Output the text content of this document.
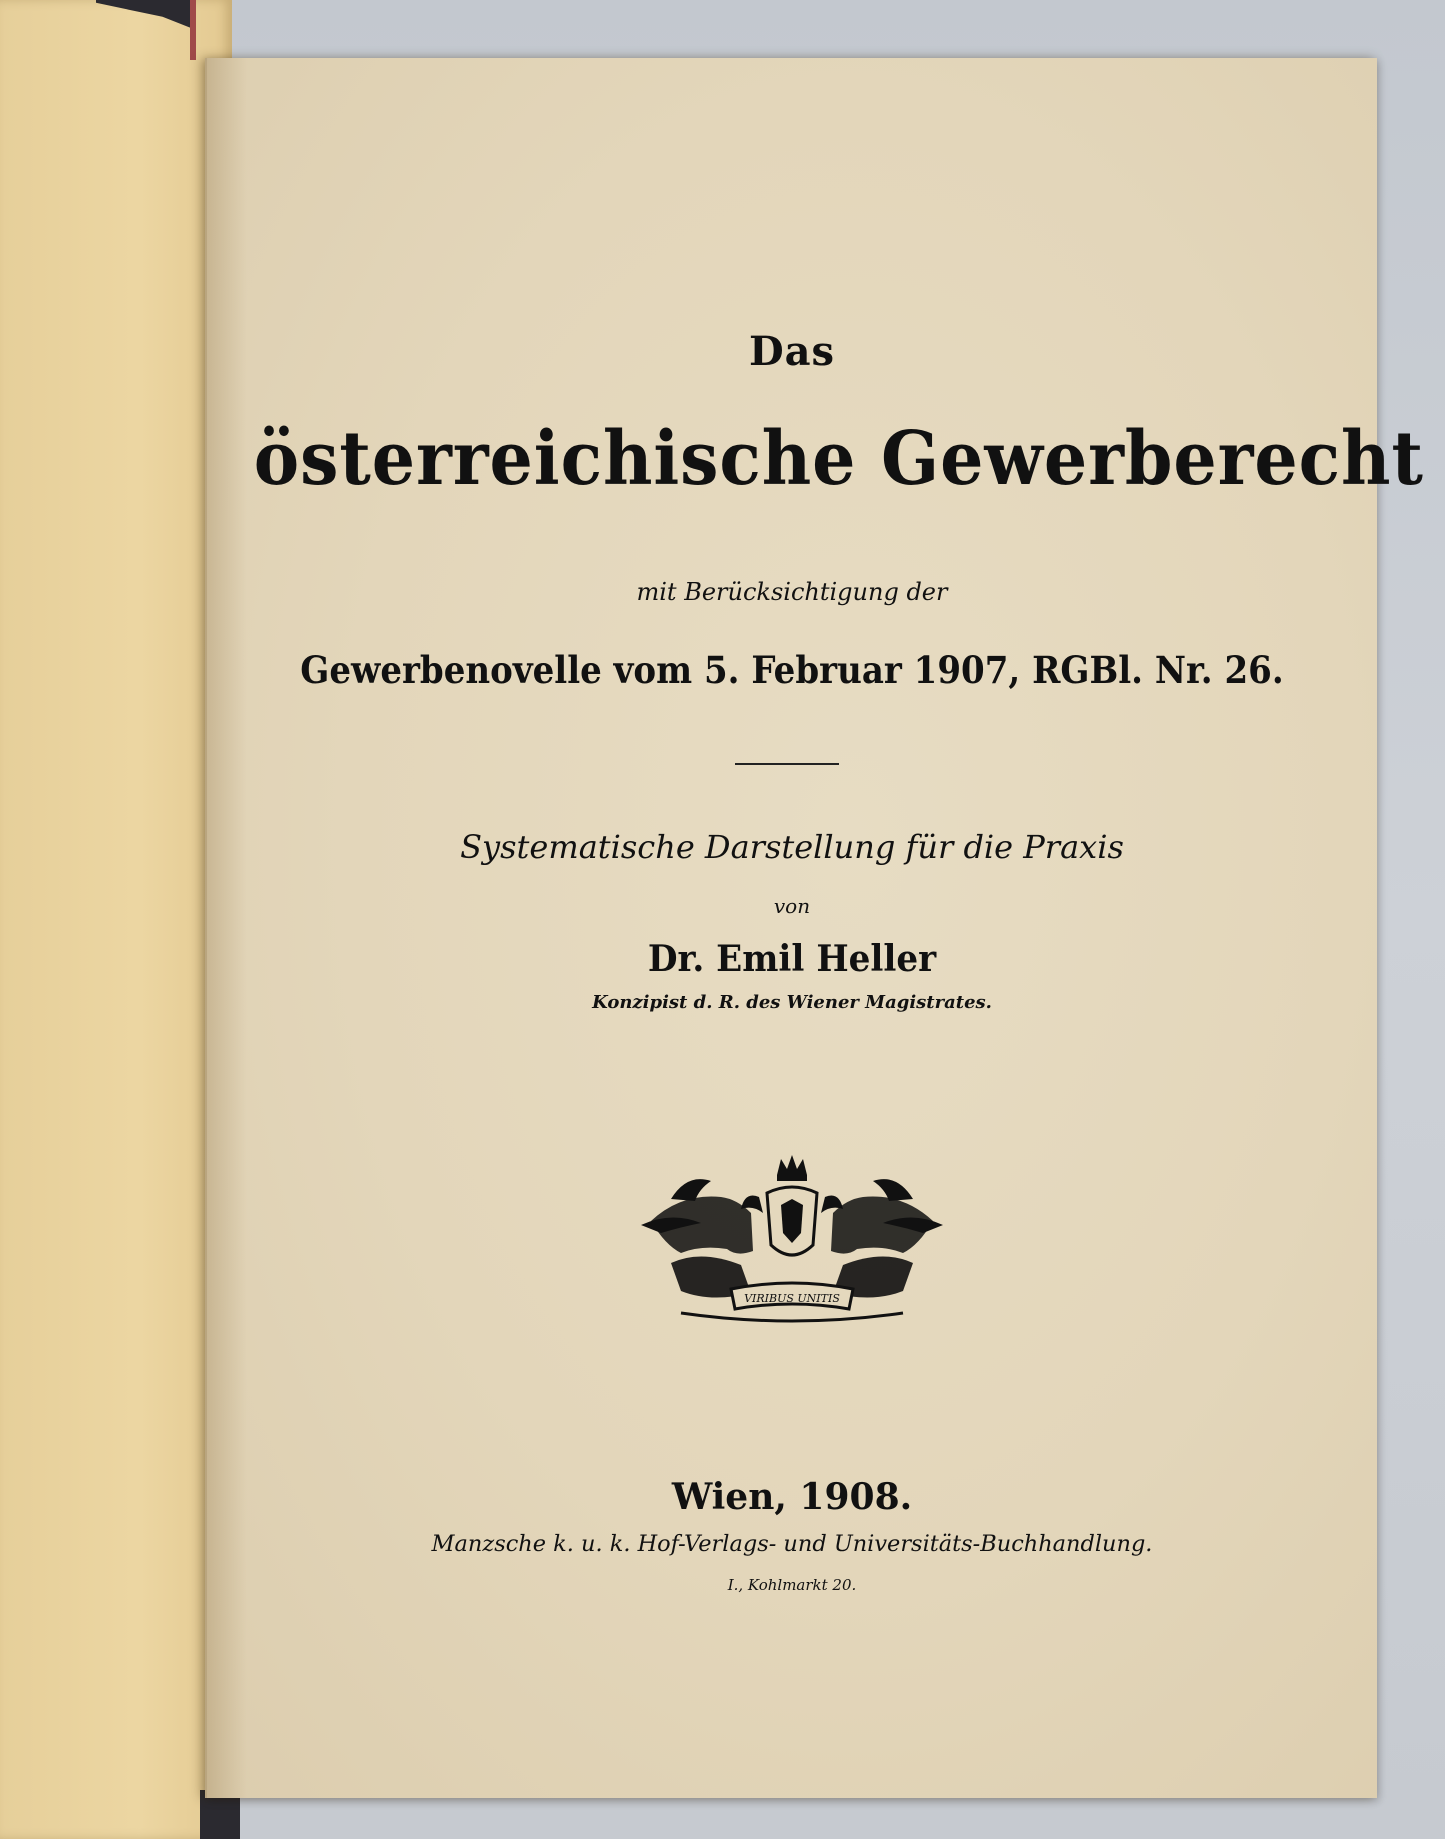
Das
österreichische Gewerberecht
mit Berücksichtigung der
Gewerbenovelle vom 5. Februar 1907, RGBl. Nr. 26.
Systematische Darstellung für die Praxis
von
Dr. Emil Heller
Konzipist d. R. des Wiener Magistrates.
VIRIBUS UNITIS
Wien, 1908.
Manzsche k. u. k. Hof-Verlags- und Universitäts-Buchhandlung.
I., Kohlmarkt 20.
